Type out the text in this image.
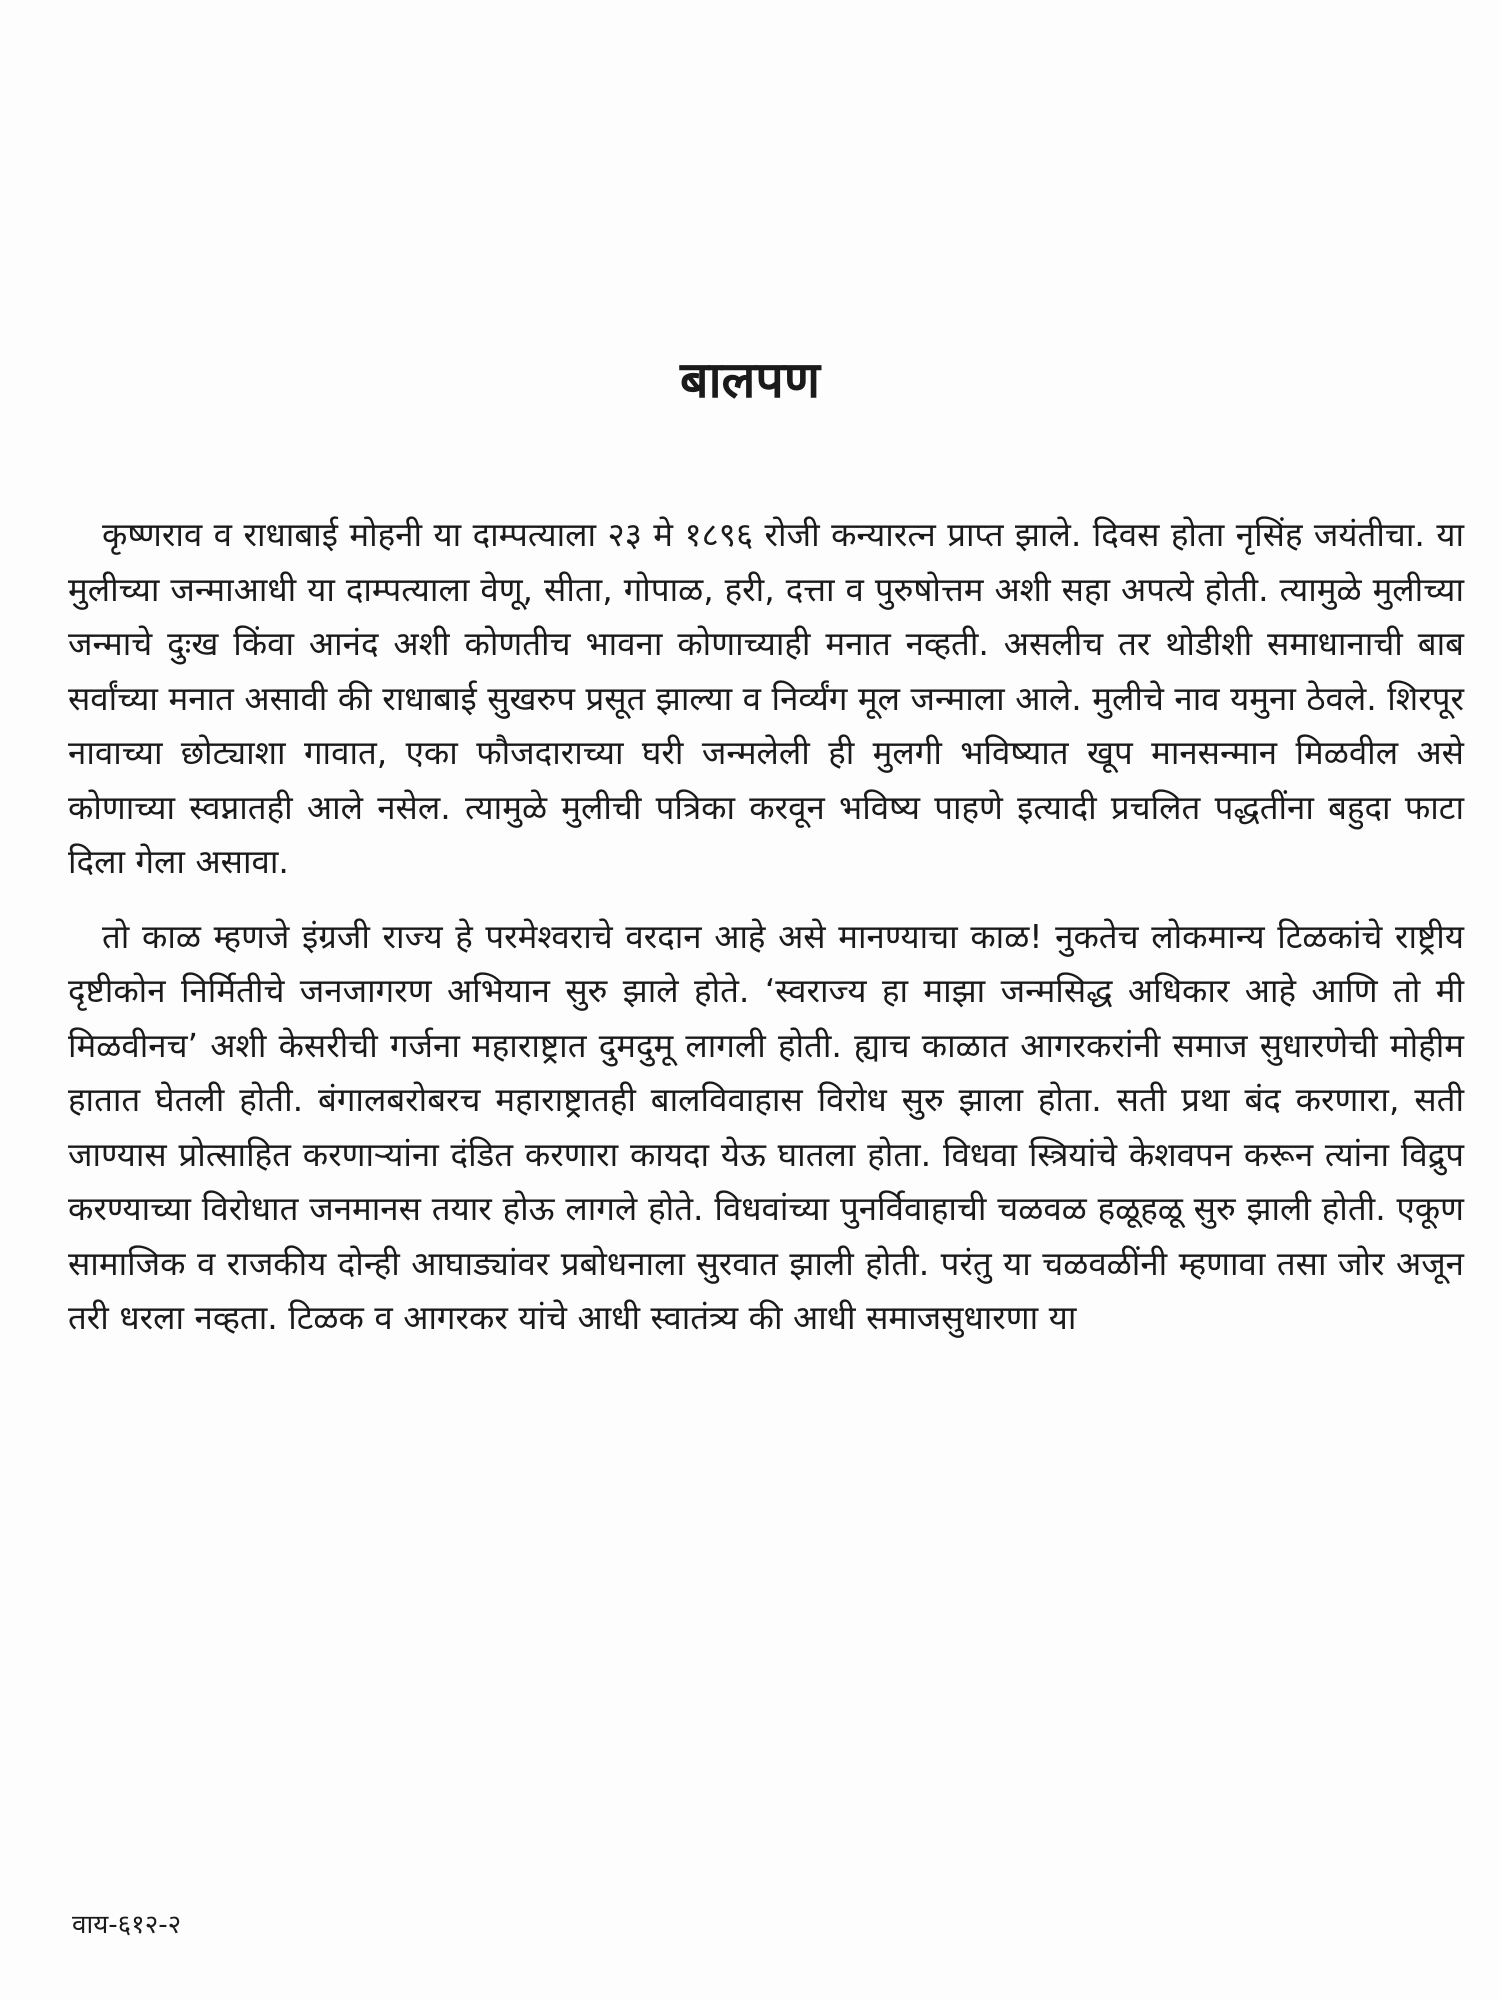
बालपण

कृष्णराव व राधाबाई मोहनी या दाम्पत्याला २३ मे १८९६ रोजी कन्यारत्न प्राप्त झाले. दिवस होता नृसिंह जयंतीचा. या मुलीच्या जन्माआधी या दाम्पत्याला वेणू, सीता, गोपाळ, हरी, दत्ता व पुरुषोत्तम अशी सहा अपत्ये होती. त्यामुळे मुलीच्या जन्माचे दुःख किंवा आनंद अशी कोणतीच भावना कोणाच्याही मनात नव्हती. असलीच तर थोडीशी समाधानाची बाब सर्वांच्या मनात असावी की राधाबाई सुखरुप प्रसूत झाल्या व निर्व्यंग मूल जन्माला आले. मुलीचे नाव यमुना ठेवले. शिरपूर नावाच्या छोट्याशा गावात, एका फौजदाराच्या घरी जन्मलेली ही मुलगी भविष्यात खूप मानसन्मान मिळवील असे कोणाच्या स्वप्नातही आले नसेल. त्यामुळे मुलीची पत्रिका करवून भविष्य पाहणे इत्यादी प्रचलित पद्धतींना बहुदा फाटा दिला गेला असावा.

तो काळ म्हणजे इंग्रजी राज्य हे परमेश्वराचे वरदान आहे असे मानण्याचा काळ! नुकतेच लोकमान्य टिळकांचे राष्ट्रीय दृष्टीकोन निर्मितीचे जनजागरण अभियान सुरु झाले होते. ‘स्वराज्य हा माझा जन्मसिद्ध अधिकार आहे आणि तो मी मिळवीनच’ अशी केसरीची गर्जना महाराष्ट्रात दुमदुमू लागली होती. ह्याच काळात आगरकरांनी समाज सुधारणेची मोहीम हातात घेतली होती. बंगालबरोबरच महाराष्ट्रातही बालविवाहास विरोध सुरु झाला होता. सती प्रथा बंद करणारा, सती जाण्यास प्रोत्साहित करणाऱ्यांना दंडित करणारा कायदा येऊ घातला होता. विधवा स्त्रियांचे केशवपन करून त्यांना विद्रुप करण्याच्या विरोधात जनमानस तयार होऊ लागले होते. विधवांच्या पुनर्विवाहाची चळवळ हळूहळू सुरु झाली होती. एकूण सामाजिक व राजकीय दोन्ही आघाड्यांवर प्रबोधनाला सुरवात झाली होती. परंतु या चळवळींनी म्हणावा तसा जोर अजून तरी धरला नव्हता. टिळक व आगरकर यांचे आधी स्वातंत्र्य की आधी समाजसुधारणा या

वाय-६१२-२
